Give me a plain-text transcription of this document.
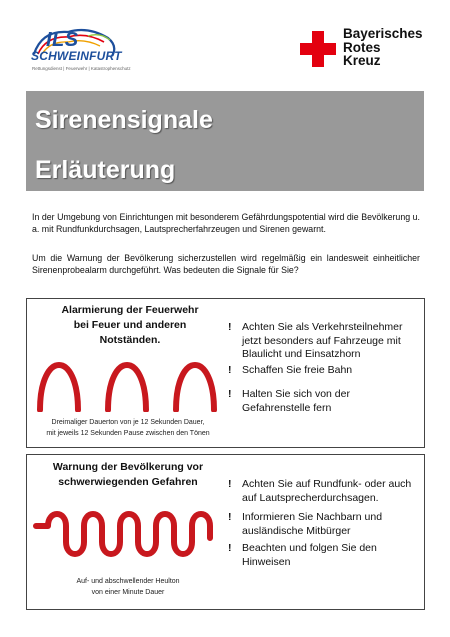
ILS
SCHWEINFURT
Rettungsdienst | Feuerwehr | Katastrophenschutz
Bayerisches
Rotes
Kreuz
Sirenensignale
Erläuterung
In der Umgebung von Einrichtungen mit besonderem Gefährdungspotential wird die Bevölkerung u. a. mit Rundfunkdurchsagen, Lautsprecherfahrzeugen und Sirenen gewarnt.
Um die Warnung der Bevölkerung sicherzustellen wird regelmäßig ein landesweit einheitlicher Sirenenprobealarm durchgeführt. Was bedeuten die Signale für Sie?
Alarmierung der Feuerwehr
bei Feuer und anderen
Notständen.
Dreimaliger Dauerton von je 12 Sekunden Dauer,
mit jeweils 12 Sekunden Pause zwischen den Tönen
! Achten Sie als Verkehrsteilnehmer jetzt besonders auf Fahrzeuge mit Blaulicht und Einsatzhorn
! Schaffen Sie freie Bahn
! Halten Sie sich von der Gefahrenstelle fern
Warnung der Bevölkerung vor
schwerwiegenden Gefahren
Auf- und abschwellender Heulton
von einer Minute Dauer
! Achten Sie auf Rundfunk- oder auch auf Lautsprecherdurchsagen.
! Informieren Sie Nachbarn und ausländische Mitbürger
! Beachten und folgen Sie den Hinweisen
